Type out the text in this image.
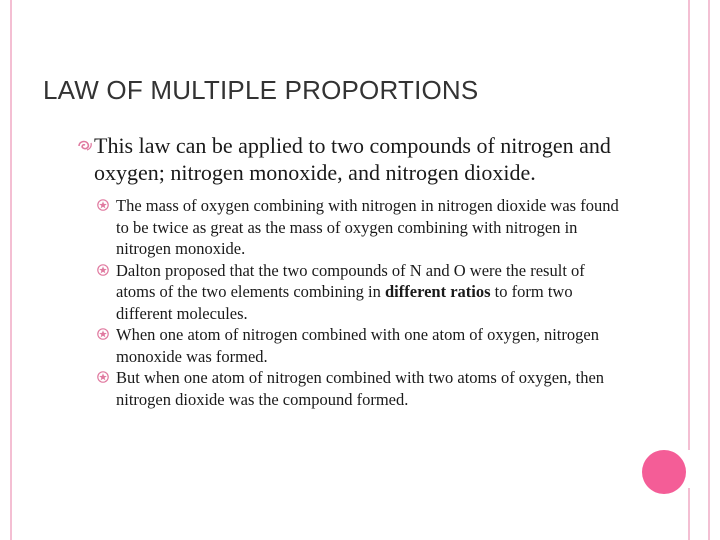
LAW OF MULTIPLE PROPORTIONS
This law can be applied to two compounds of nitrogen and oxygen; nitrogen monoxide, and nitrogen dioxide.

The mass of oxygen combining with nitrogen in nitrogen dioxide was found to be twice as great as the mass of oxygen combining with nitrogen in nitrogen monoxide.

Dalton proposed that the two compounds of N and O were the result of atoms of the two elements combining in different ratios to form two different molecules.

When one atom of nitrogen combined with one atom of oxygen, nitrogen monoxide was formed.

But when one atom of nitrogen combined with two atoms of oxygen, then nitrogen dioxide was the compound formed.
